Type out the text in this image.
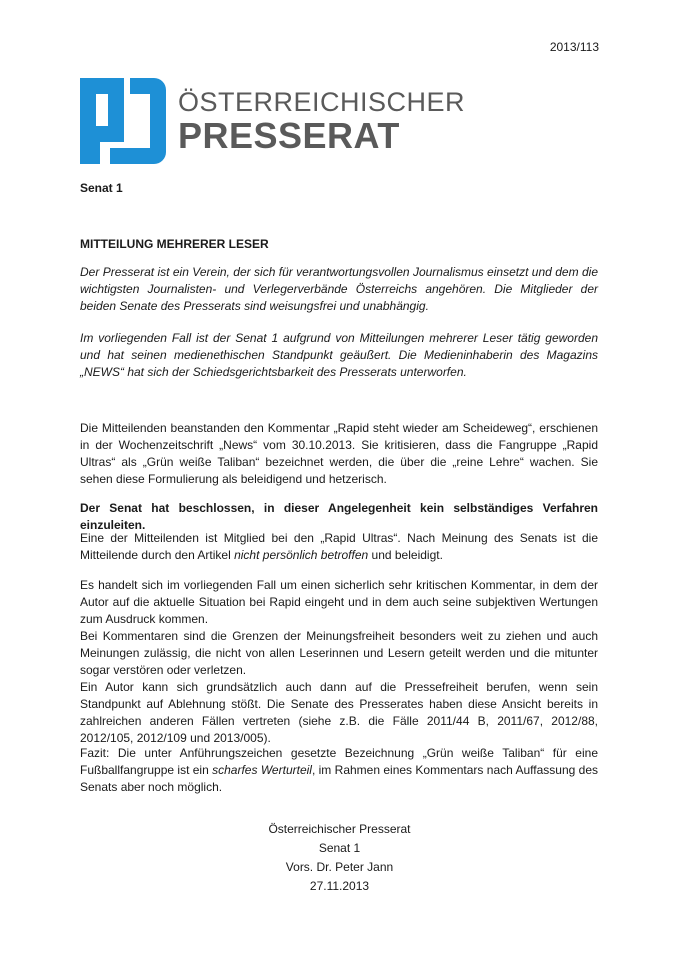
2013/113
ÖSTERREICHISCHER
PRESSERAT
Senat 1
MITTEILUNG MEHRERER LESER

Der Presserat ist ein Verein, der sich für verantwortungsvollen Journalismus einsetzt und dem die wichtigsten Journalisten- und Verlegerverbände Österreichs angehören. Die Mitglieder der beiden Senate des Presserats sind weisungsfrei und unabhängig.

Im vorliegenden Fall ist der Senat 1 aufgrund von Mitteilungen mehrerer Leser tätig geworden und hat seinen medienethischen Standpunkt geäußert. Die Medieninhaberin des Magazins „NEWS“ hat sich der Schiedsgerichtsbarkeit des Presserats unterworfen.

Die Mitteilenden beanstanden den Kommentar „Rapid steht wieder am Scheideweg“, erschienen in der Wochenzeitschrift „News“ vom 30.10.2013. Sie kritisieren, dass die Fangruppe „Rapid Ultras“ als „Grün weiße Taliban“ bezeichnet werden, die über die „reine Lehre“ wachen. Sie sehen diese Formulierung als beleidigend und hetzerisch.

Der Senat hat beschlossen, in dieser Angelegenheit kein selbständiges Verfahren einzuleiten.

Eine der Mitteilenden ist Mitglied bei den „Rapid Ultras“. Nach Meinung des Senats ist die Mitteilende durch den Artikel nicht persönlich betroffen und beleidigt.

Es handelt sich im vorliegenden Fall um einen sicherlich sehr kritischen Kommentar, in dem der Autor auf die aktuelle Situation bei Rapid eingeht und in dem auch seine subjektiven Wertungen zum Ausdruck kommen.

Bei Kommentaren sind die Grenzen der Meinungsfreiheit besonders weit zu ziehen und auch Meinungen zulässig, die nicht von allen Leserinnen und Lesern geteilt werden und die mitunter sogar verstören oder verletzen.

Ein Autor kann sich grundsätzlich auch dann auf die Pressefreiheit berufen, wenn sein Standpunkt auf Ablehnung stößt. Die Senate des Presserates haben diese Ansicht bereits in zahlreichen anderen Fällen vertreten (siehe z.B. die Fälle 2011/44 B, 2011/67, 2012/88, 2012/105, 2012/109 und 2013/005).

Fazit: Die unter Anführungszeichen gesetzte Bezeichnung „Grün weiße Taliban“ für eine Fußballfangruppe ist ein scharfes Werturteil, im Rahmen eines Kommentars nach Auffassung des Senats aber noch möglich.

Österreichischer Presserat
Senat 1
Vors. Dr. Peter Jann
27.11.2013
